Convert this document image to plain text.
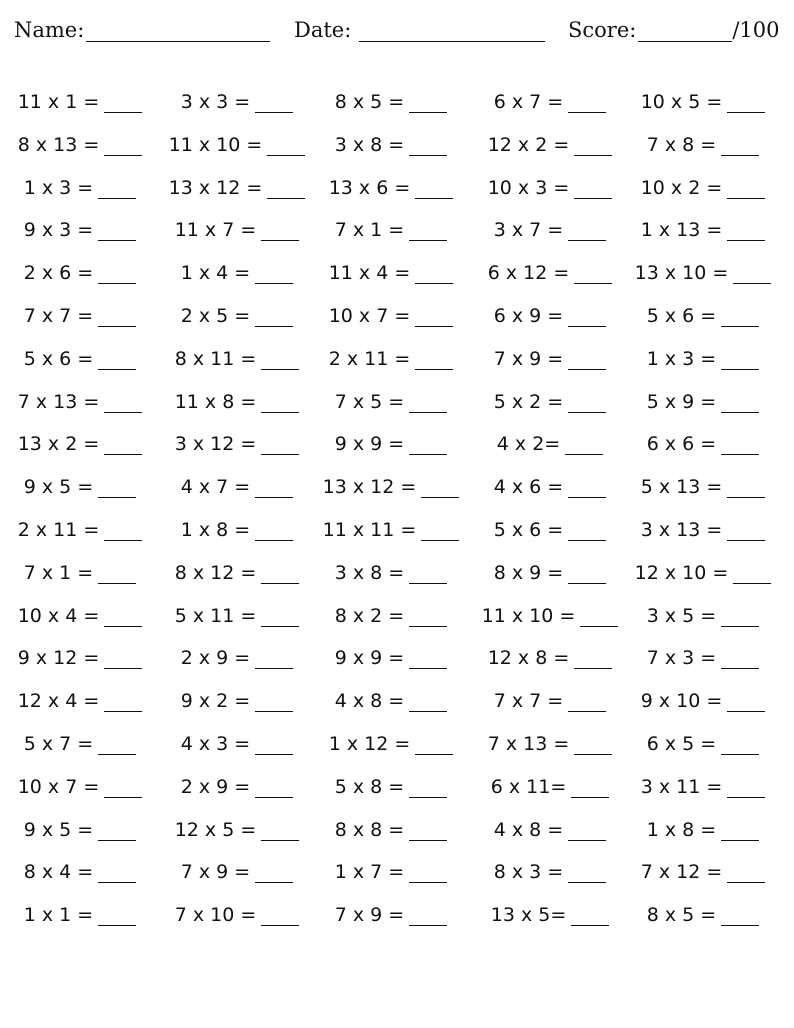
Name:	Date:	Score:	/100
11 x 1 =	3 x 3 =	8 x 5 =	6 x 7 =	10 x 5 =
8 x 13 =	11 x 10 =	3 x 8 =	12 x 2 =	7 x 8 =
1 x 3 =	13 x 12 =	13 x 6 =	10 x 3 =	10 x 2 =
9 x 3 =	11 x 7 =	7 x 1 =	3 x 7 =	1 x 13 =
2 x 6 =	1 x 4 =	11 x 4 =	6 x 12 =	13 x 10 =
7 x 7 =	2 x 5 =	10 x 7 =	6 x 9 =	5 x 6 =
5 x 6 =	8 x 11 =	2 x 11 =	7 x 9 =	1 x 3 =
7 x 13 =	11 x 8 =	7 x 5 =	5 x 2 =	5 x 9 =
13 x 2 =	3 x 12 =	9 x 9 =	4 x 2=	6 x 6 =
9 x 5 =	4 x 7 =	13 x 12 =	4 x 6 =	5 x 13 =
2 x 11 =	1 x 8 =	11 x 11 =	5 x 6 =	3 x 13 =
7 x 1 =	8 x 12 =	3 x 8 =	8 x 9 =	12 x 10 =
10 x 4 =	5 x 11 =	8 x 2 =	11 x 10 =	3 x 5 =
9 x 12 =	2 x 9 =	9 x 9 =	12 x 8 =	7 x 3 =
12 x 4 =	9 x 2 =	4 x 8 =	7 x 7 =	9 x 10 =
5 x 7 =	4 x 3 =	1 x 12 =	7 x 13 =	6 x 5 =
10 x 7 =	2 x 9 =	5 x 8 =	6 x 11=	3 x 11 =
9 x 5 =	12 x 5 =	8 x 8 =	4 x 8 =	1 x 8 =
8 x 4 =	7 x 9 =	1 x 7 =	8 x 3 =	7 x 12 =
1 x 1 =	7 x 10 =	7 x 9 =	13 x 5=	8 x 5 =
